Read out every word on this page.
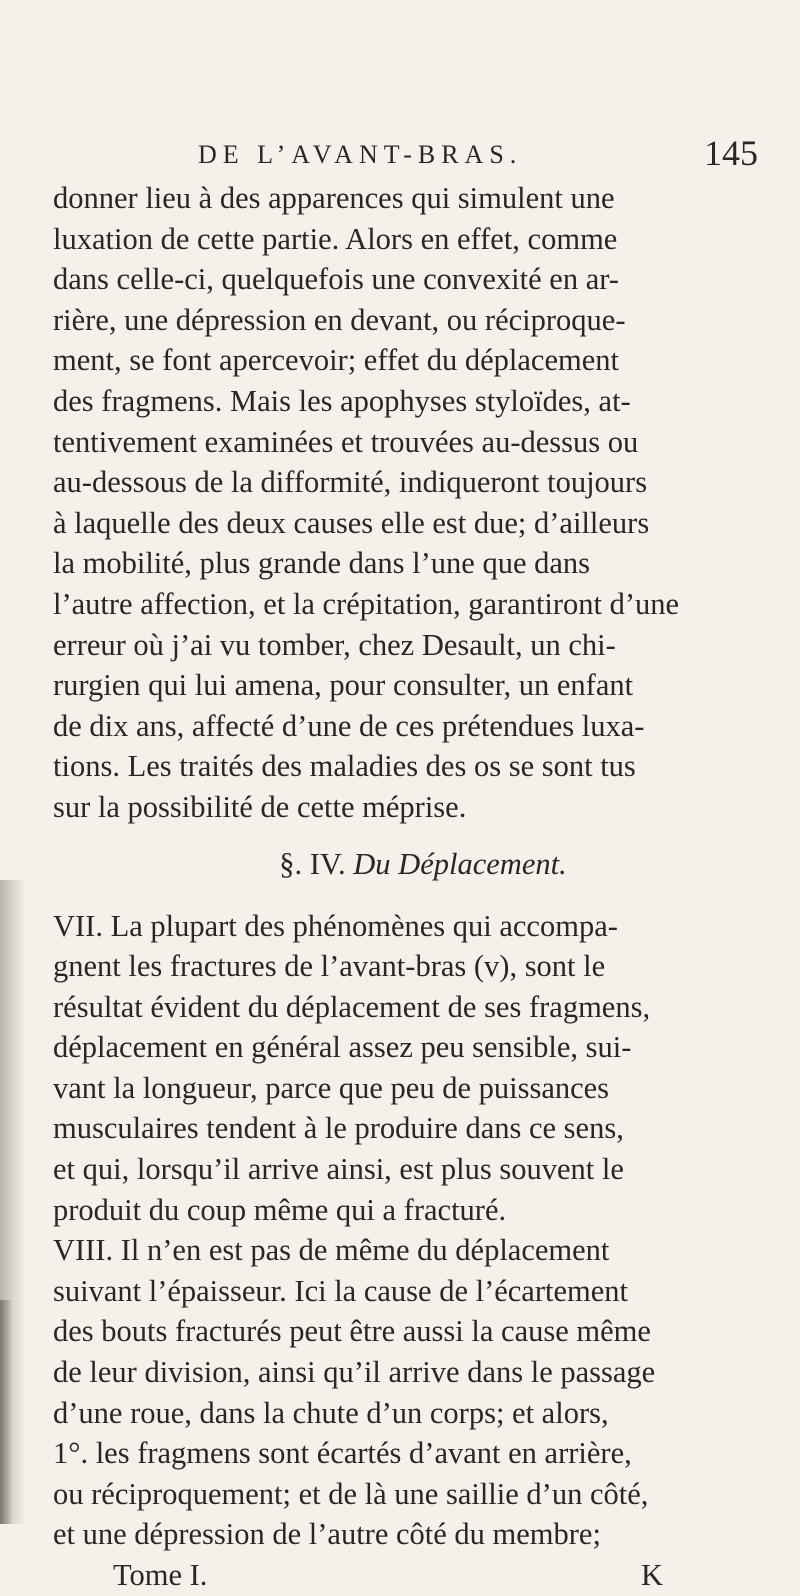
DE L’AVANT-BRAS.	145
donner lieu à des apparences qui simulent une
luxation de cette partie. Alors en effet, comme
dans celle-ci, quelquefois une convexité en ar-
rière, une dépression en devant, ou réciproque-
ment, se font apercevoir; effet du déplacement
des fragmens. Mais les apophyses styloïdes, at-
tentivement examinées et trouvées au-dessus ou
au-dessous de la difformité, indiqueront toujours
à laquelle des deux causes elle est due; d’ailleurs
la mobilité, plus grande dans l’une que dans
l’autre affection, et la crépitation, garantiront d’une
erreur où j’ai vu tomber, chez Desault, un chi-
rurgien qui lui amena, pour consulter, un enfant
de dix ans, affecté d’une de ces prétendues luxa-
tions. Les traités des maladies des os se sont tus
sur la possibilité de cette méprise.
§. IV. Du Déplacement.
VII. La plupart des phénomènes qui accompa-
gnent les fractures de l’avant-bras (v), sont le
résultat évident du déplacement de ses fragmens,
déplacement en général assez peu sensible, sui-
vant la longueur, parce que peu de puissances
musculaires tendent à le produire dans ce sens,
et qui, lorsqu’il arrive ainsi, est plus souvent le
produit du coup même qui a fracturé.
VIII. Il n’en est pas de même du déplacement
suivant l’épaisseur. Ici la cause de l’écartement
des bouts fracturés peut être aussi la cause même
de leur division, ainsi qu’il arrive dans le passage
d’une roue, dans la chute d’un corps; et alors,
1°. les fragmens sont écartés d’avant en arrière,
ou réciproquement; et de là une saillie d’un côté,
et une dépression de l’autre côté du membre;
Tome I.	K
